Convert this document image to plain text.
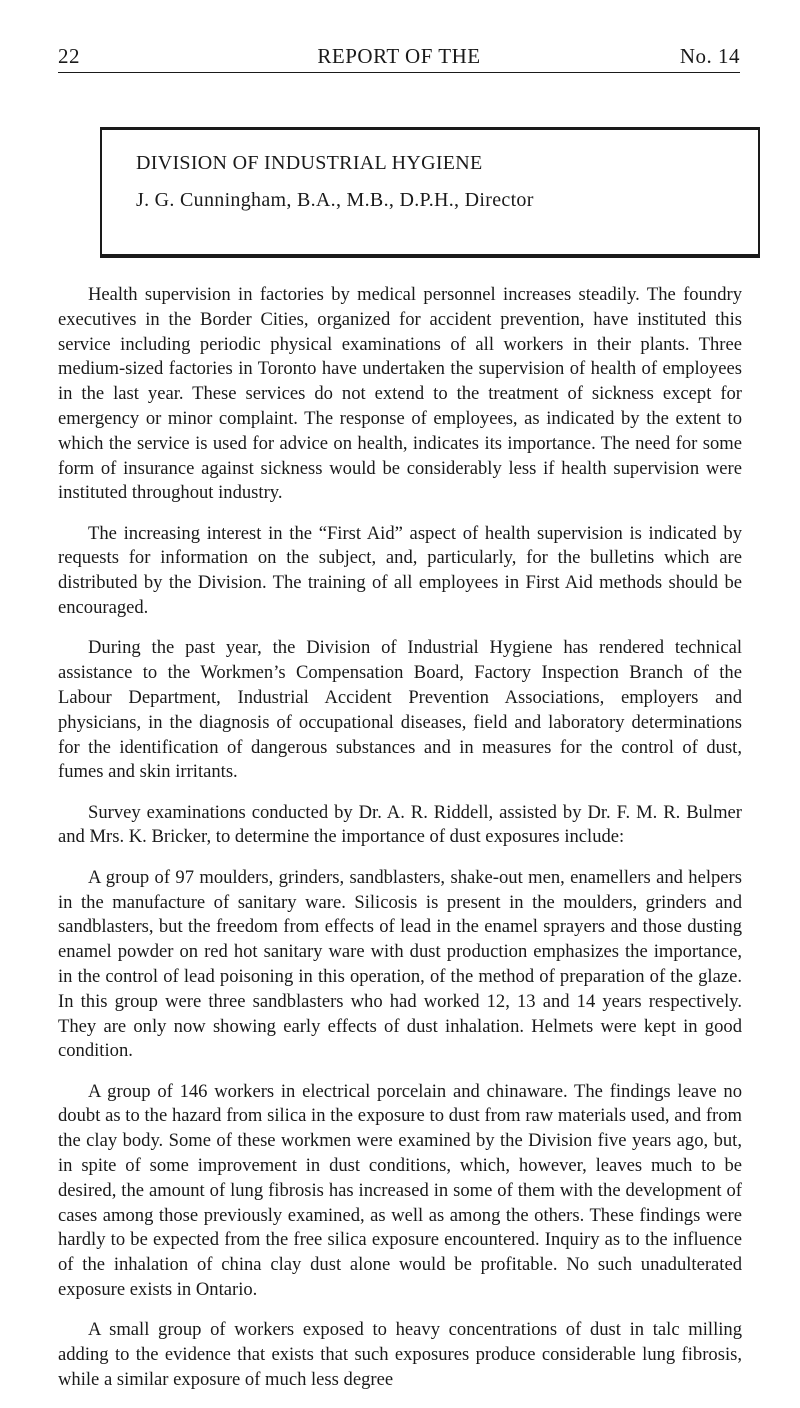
22	REPORT OF THE	No. 14
DIVISION OF INDUSTRIAL HYGIENE
J. G. Cunningham, B.A., M.B., D.P.H., Director

Health supervision in factories by medical personnel increases steadily. The foundry executives in the Border Cities, organized for accident prevention, have instituted this service including periodic physical examinations of all workers in their plants. Three medium-sized factories in Toronto have undertaken the supervision of health of employees in the last year. These services do not extend to the treatment of sickness except for emergency or minor complaint. The response of employees, as indicated by the extent to which the service is used for advice on health, indicates its importance. The need for some form of insurance against sickness would be considerably less if health supervision were instituted throughout industry.

The increasing interest in the “First Aid” aspect of health supervision is indicated by requests for information on the subject, and, particularly, for the bulletins which are distributed by the Division. The training of all employees in First Aid methods should be encouraged.

During the past year, the Division of Industrial Hygiene has rendered technical assistance to the Workmen’s Compensation Board, Factory Inspection Branch of the Labour Department, Industrial Accident Prevention Associations, employers and physicians, in the diagnosis of occupational diseases, field and laboratory determinations for the identification of dangerous substances and in measures for the control of dust, fumes and skin irritants.

Survey examinations conducted by Dr. A. R. Riddell, assisted by Dr. F. M. R. Bulmer and Mrs. K. Bricker, to determine the importance of dust exposures include:

A group of 97 moulders, grinders, sandblasters, shake-out men, enamellers and helpers in the manufacture of sanitary ware. Silicosis is present in the moulders, grinders and sandblasters, but the freedom from effects of lead in the enamel sprayers and those dusting enamel powder on red hot sanitary ware with dust production emphasizes the importance, in the control of lead poisoning in this operation, of the method of preparation of the glaze. In this group were three sandblasters who had worked 12, 13 and 14 years respectively. They are only now showing early effects of dust inhalation. Helmets were kept in good condition.

A group of 146 workers in electrical porcelain and chinaware. The findings leave no doubt as to the hazard from silica in the exposure to dust from raw materials used, and from the clay body. Some of these workmen were examined by the Division five years ago, but, in spite of some improvement in dust conditions, which, however, leaves much to be desired, the amount of lung fibrosis has increased in some of them with the development of cases among those previously examined, as well as among the others. These findings were hardly to be expected from the free silica exposure encountered. Inquiry as to the influence of the inhalation of china clay dust alone would be profitable. No such unadulterated exposure exists in Ontario.

A small group of workers exposed to heavy concentrations of dust in talc milling adding to the evidence that exists that such exposures produce considerable lung fibrosis, while a similar exposure of much less degree
